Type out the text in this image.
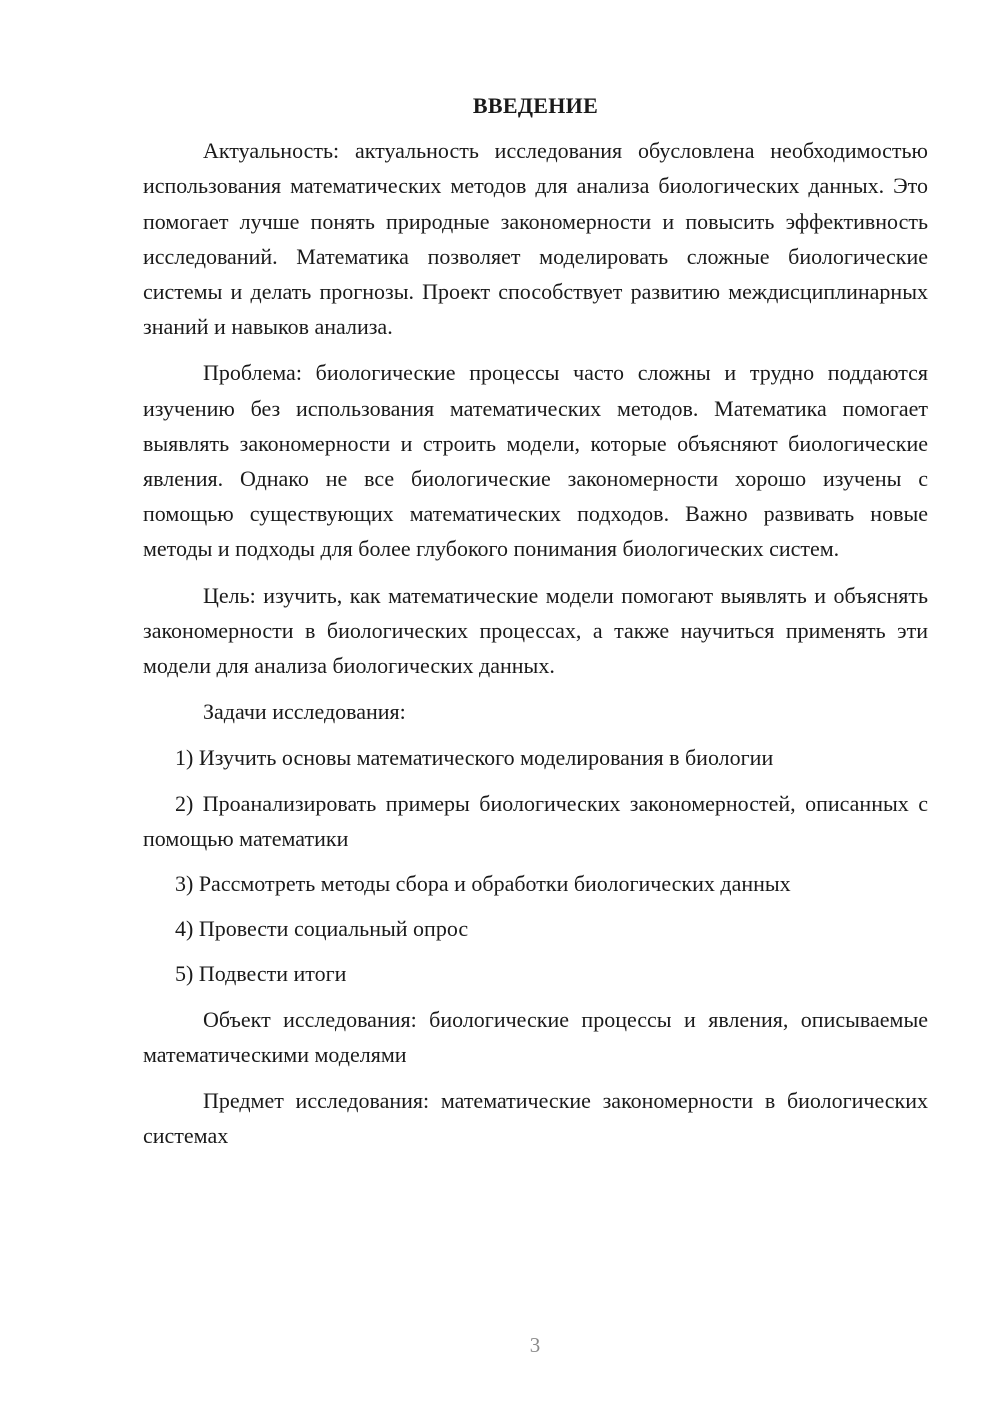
ВВЕДЕНИЕ

Актуальность: актуальность исследования обусловлена необходимостью использования математических методов для анализа биологических данных. Это помогает лучше понять природные закономерности и повысить эффективность исследований. Математика позволяет моделировать сложные биологические системы и делать прогнозы. Проект способствует развитию междисциплинарных знаний и навыков анализа.

Проблема: биологические процессы часто сложны и трудно поддаются изучению без использования математических методов. Математика помогает выявлять закономерности и строить модели, которые объясняют биологические явления. Однако не все биологические закономерности хорошо изучены с помощью существующих математических подходов. Важно развивать новые методы и подходы для более глубокого понимания биологических систем.

Цель: изучить, как математические модели помогают выявлять и объяснять закономерности в биологических процессах, а также научиться применять эти модели для анализа биологических данных.

Задачи исследования:

1) Изучить основы математического моделирования в биологии

2) Проанализировать примеры биологических закономерностей, описанных с помощью математики

3) Рассмотреть методы сбора и обработки биологических данных

4) Провести социальный опрос

5) Подвести итоги

Объект исследования: биологические процессы и явления, описываемые математическими моделями

Предмет исследования: математические закономерности в биологических системах

3
